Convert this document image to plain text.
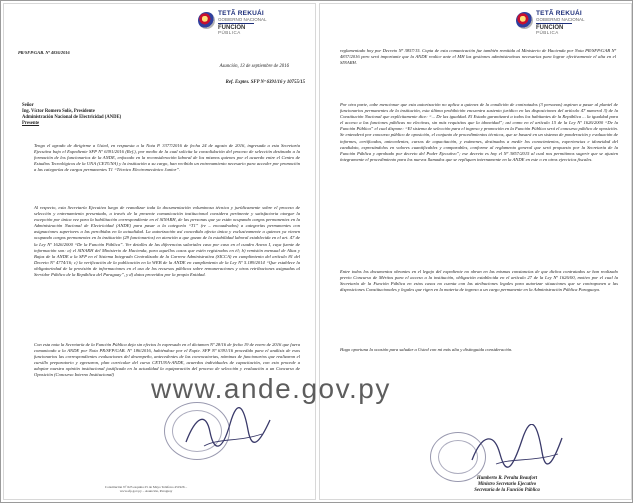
TETÃ REKUÁI
GOBIERNO NACIONAL
FUNCIÓN
PÚBLICA
PR/SFP/GAB. Nº 4836/2016
Asunción, 13 de septiembre de 2016
Ref. Exptes. SFP Nº 6391/16 y 10755/15
Señor
Ing. Víctor Romero Solís, Presidente
Administración Nacional de Electricidad (ANDE)
Presente
Tengo el agrado de dirigirme a Usted, en respuesta a la Nota P. 3377/2016 de fecha 24 de agosto de 2016, ingresada a esta Secretaría Ejecutiva bajo el Expediente SFP Nº 6391/2016 (Ref.), por medio de la cual solicita la consolidación del proceso de selección destinado a la formación de los funcionarios de la ANDE, enfocado en la reconsideración laboral de los mismos quienes por el acuerdo entre el Centro de Estudios Tecnológicos de la UNA (CETUNA) y la institución a su cargo, han recibido un entrenamiento necesario para acceder por promoción a las categorías de cargos permanentes T1 “Técnico Electromecánico Junior”.
Al respecto, esta Secretaría Ejecutiva luego de reanalizar toda la documentación voluminosa técnica y jurídicamente sobre el proceso de selección y entrenamiento presentado, a través de la presente comunicación institucional considera pertinente y satisfactoria otorgar la excepción por única vez para la habilitación correspondiente en el SINARH, de las personas que ya están ocupando cargos permanentes en la Administración Nacional de Electricidad (ANDE) para pasar a la categoría “T1” (re – encuadrados) a categorías permanentes con asignaciones superiores a las percibidas en la actualidad. La autorización así concedida afecta única y exclusivamente a quienes ya vienen ocupando cargos permanentes en la institución (29 funcionarios) en atención a que gozan de la estabilidad laboral establecida en el art. 47 de la Ley Nº 1626/2000 “De la Función Pública”. Ver detalles de las diferencias salariales caso por caso en el cuadro Anexo I, cuya fuente de información son: a) el SINARH del Ministerio de Hacienda, para aquellos casos que estén registrados en él; b) remisión mensual de Altas y Bajas de la ANDE a la SFP en el Sistema Integrado Centralizado de la Carrera Administrativa (SICCA) en cumplimiento del artículo 81 del Decreto Nº 4774/16; c) la verificación de la publicación en la WEB de la ANDE en cumplimiento de la Ley Nº 5.189/2014 “Que establece la obligatoriedad de la provisión de informaciones en el uso de los recursos públicos sobre remuneraciones y otras retribuciones asignadas al Servidor Público de la República del Paraguay”, y d) datos proveídos por la propia Entidad.
Con esta nota la Secretaría de la Función Pública deja sin efectos lo expresado en el dictamen Nº 28/16 de fecha 19 de enero de 2016 que fuera comunicado a la ANDE por Nota PR/SFP/GAB. Nº 186/2016, habiéndose por el Expte. SFP Nº 6391/16 procedido para el análisis de esos funcionarios las correspondientes evaluaciones del desempeño, antecedentes de las convocatorias, nóminas de funcionarios que realizaron el cursillo preparatorio y egresaron, plan curricular del curso CETUNA-ANDE, acuerdos individuales de capacitación, con esto procede a adoptar nuestra opinión institucional justificada en la actualidad la equiparación del proceso de selección y evaluación a un Concurso de Oposición (Concurso Interno Institucional)
Constitución Nº 623 esquina 25 de Mayo Teléfono 451926 – www.sfp.gov.py – Asunción, Paraguay
TETÃ REKUÁI
GOBIERNO NACIONAL
FUNCIÓN
PÚBLICA
reglamentado hoy por Decreto Nº 3857/15. Copia de esta comunicación fue también remitida al Ministerio de Hacienda por Nota PR/SFP/GAB Nº 4837/2016 pero será importante que la ANDE realice ante el MH las gestiones administrativas necesarias para lograr efectivamente el alta en el SINARH.
Por otra parte, cabe mencionar que esta autorización no aplica a quienes de la condición de contratados (3 personas) aspiran a pasar al plantel de funcionarios permanentes de la institución, esta última prohibición encuentra sustento jurídico en las disposiciones del artículo 47 numeral 3) de la Constitución Nacional que explícitamente dice: “... De las igualdad. El Estado garantizará a todos los habitantes de la República ... la igualdad para el acceso a las funciones públicas no electivas, sin más requisitos que la idoneidad”; así como en el artículo 15 de la Ley Nº 1626/2000 “De la Función Pública” el cual dispone: “El sistema de selección para el ingreso y promoción en la Función Pública será el concurso público de oposición. Se entenderá por concurso público de oposición, el conjunto de procedimientos técnicos, que se basará en un sistema de ponderación y evaluación de informes, certificados, antecedentes, cursos de capacitación, y exámenes, destinados a medir los conocimientos, experiencias e idoneidad del candidato, expresándolos en valores cuantificables y comparables, conforme al reglamento general que será propuesto por la Secretaría de la Función Pública y aprobado por decreto del Poder Ejecutivo”; ese decreto es hoy el Nº 3857/2015 al cual nos permitimos sugerir que se ajusten íntegramente el procedimiento para los nuevos llamados que se repliquen internamente en la ANDE en este o en otros ejercicios fiscales.
Entre todos los documentos obrantes en el legajo del expediente no obran en las mismas constancias de que dichos contratados se han realizado previo Concurso de Méritos para el acceso a la institución, obligación establecida en el artículo 27 de la Ley Nº 1626/00, motivo por el cual la Secretaría de la Función Pública en estos casos no cuenta con las atribuciones legales para autorizar situaciones que se contraponen a las disposiciones Constitucionales y legales que rigen en la materia de ingreso a un cargo permanente en la Administración Pública Paraguaya.
Hago oportuna la ocasión para saludar a Usted con mi más alta y distinguida consideración.
Humberto R. Peralta Beaufort
Ministro Secretario Ejecutivo
Secretaría de la Función Pública
www.ande.gov.py
